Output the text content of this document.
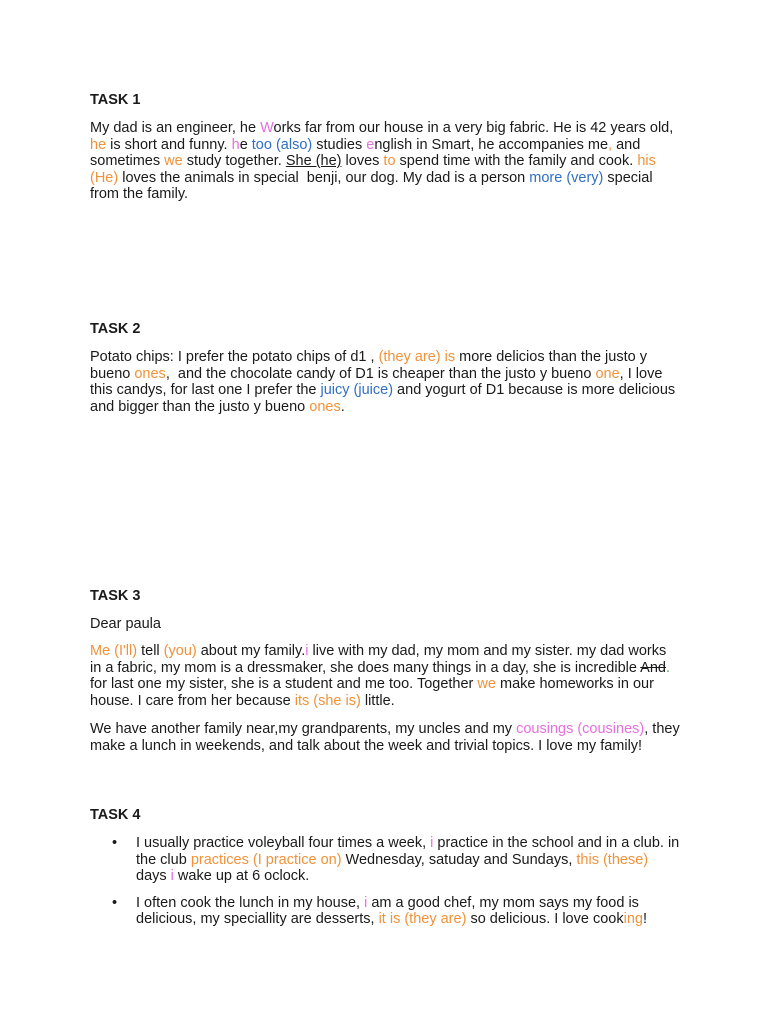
TASK 1

My dad is an engineer, he Works far from our house in a very big fabric. He is 42 years old, he is short and funny. he too (also) studies english in Smart, he accompanies me, and sometimes we study together. She (he) loves to spend time with the family and cook. his (He) loves the animals in special  benji, our dog. My dad is a person more (very) special from the family.

TASK 2

Potato chips: I prefer the potato chips of d1 , (they are) is more delicios than the justo y bueno ones,  and the chocolate candy of D1 is cheaper than the justo y bueno one, I love this candys, for last one I prefer the juicy (juice) and yogurt of D1 because is more delicious and bigger than the justo y bueno ones.

TASK 3

Dear paula

Me (I'll) tell (you) about my family.i live with my dad, my mom and my sister. my dad works in a fabric, my mom is a dressmaker, she does many things in a day, she is incredible And. for last one my sister, she is a student and me too. Together we make homeworks in our house. I care from her because its (she is) little.

We have another family near,my grandparents, my uncles and my cousings (cousines), they make a lunch in weekends, and talk about the week and trivial topics. I love my family!

TASK 4
• I usually practice voleyball four times a week, i practice in the school and in a club. in the club practices (I practice on) Wednesday, satuday and Sundays, this (these) days i wake up at 6 oclock.
• I often cook the lunch in my house, i am a good chef, my mom says my food is delicious, my speciallity are desserts, it is (they are) so delicious. I love cooking!
